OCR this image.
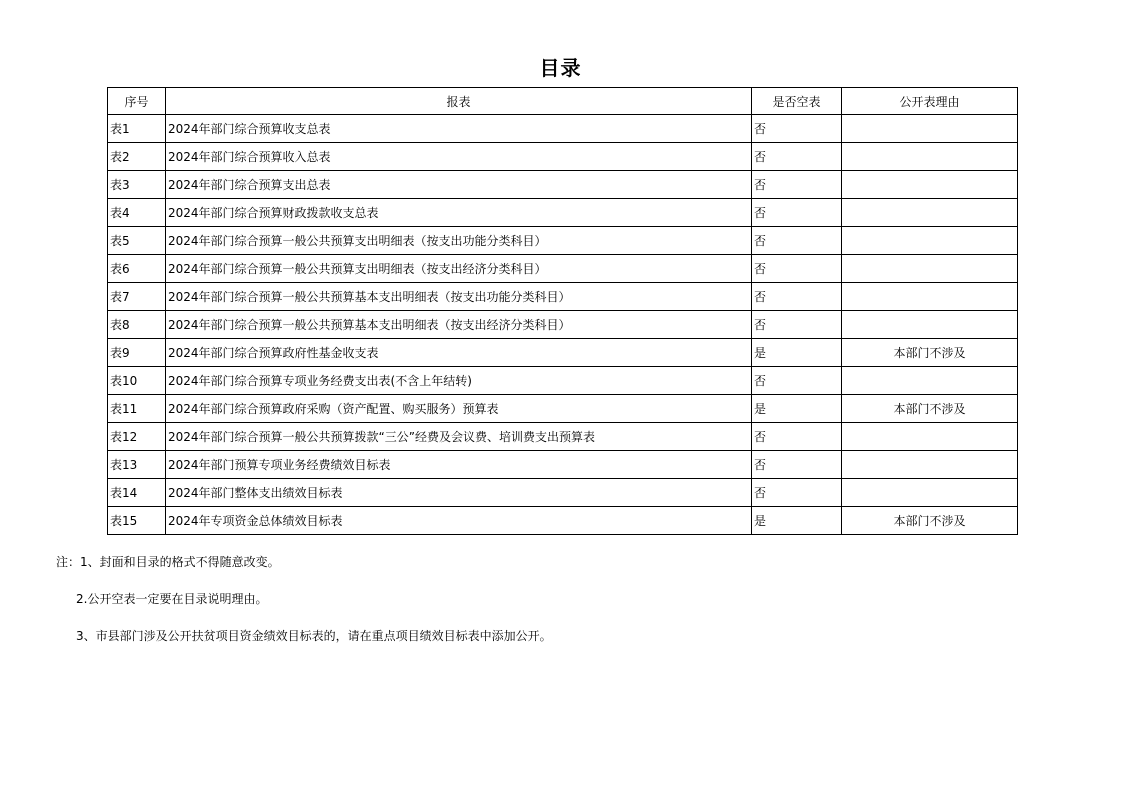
目录
序号	报表	是否空表	公开表理由
表1	2024年部门综合预算收支总表	否	
表2	2024年部门综合预算收入总表	否	
表3	2024年部门综合预算支出总表	否	
表4	2024年部门综合预算财政拨款收支总表	否	
表5	2024年部门综合预算一般公共预算支出明细表（按支出功能分类科目）	否	
表6	2024年部门综合预算一般公共预算支出明细表（按支出经济分类科目）	否	
表7	2024年部门综合预算一般公共预算基本支出明细表（按支出功能分类科目）	否	
表8	2024年部门综合预算一般公共预算基本支出明细表（按支出经济分类科目）	否	
表9	2024年部门综合预算政府性基金收支表	是	本部门不涉及
表10	2024年部门综合预算专项业务经费支出表(不含上年结转)	否	
表11	2024年部门综合预算政府采购（资产配置、购买服务）预算表	是	本部门不涉及
表12	2024年部门综合预算一般公共预算拨款“三公”经费及会议费、培训费支出预算表	否	
表13	2024年部门预算专项业务经费绩效目标表	否	
表14	2024年部门整体支出绩效目标表	否	
表15	2024年专项资金总体绩效目标表	是	本部门不涉及
注：1、封面和目录的格式不得随意改变。
2.公开空表一定要在目录说明理由。
3、市县部门涉及公开扶贫项目资金绩效目标表的，请在重点项目绩效目标表中添加公开。
